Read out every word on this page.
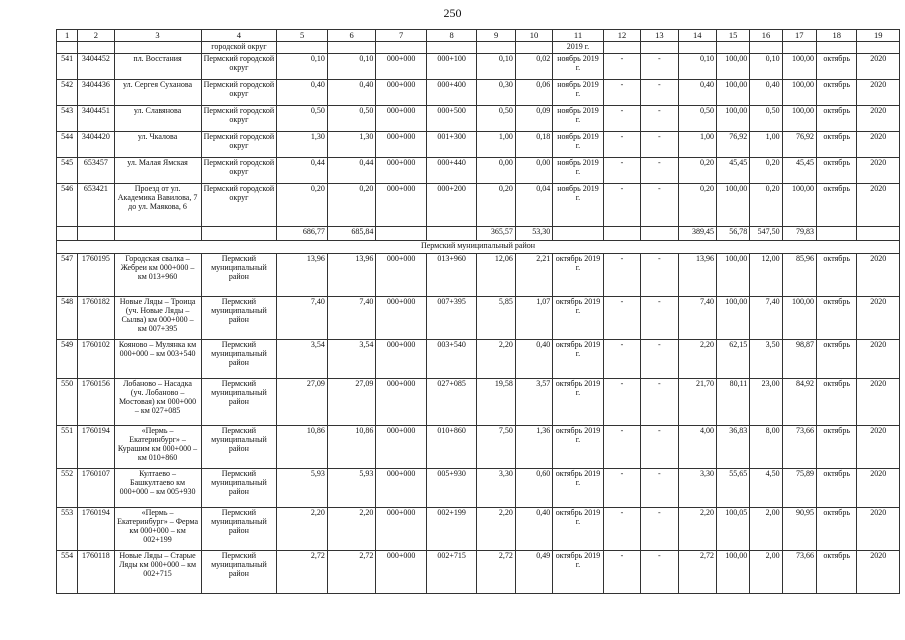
250
1	2	3	4	5	6	7	8	9	10	11	12	13	14	15	16	17	18	19
			городской округ							2019 г.								
541	3404452	пл. Восстания	Пермский городской округ	0,10	0,10	000+000	000+100	0,10	0,02	ноябрь 2019 г.	-	-	0,10	100,00	0,10	100,00	октябрь	2020
542	3404436	ул. Сергея Суханова	Пермский городской округ	0,40	0,40	000+000	000+400	0,30	0,06	ноябрь 2019 г.	-	-	0,40	100,00	0,40	100,00	октябрь	2020
543	3404451	ул. Славянова	Пермский городской округ	0,50	0,50	000+000	000+500	0,50	0,09	ноябрь 2019 г.	-	-	0,50	100,00	0,50	100,00	октябрь	2020
544	3404420	ул. Чкалова	Пермский городской округ	1,30	1,30	000+000	001+300	1,00	0,18	ноябрь 2019 г.	-	-	1,00	76,92	1,00	76,92	октябрь	2020
545	653457	ул. Малая Ямская	Пермский городской округ	0,44	0,44	000+000	000+440	0,00	0,00	ноябрь 2019 г.	-	-	0,20	45,45	0,20	45,45	октябрь	2020
546	653421	Проезд от ул. Академика Вавилова, 7 до ул. Маякова, 6	Пермский городской округ	0,20	0,20	000+000	000+200	0,20	0,04	ноябрь 2019 г.	-	-	0,20	100,00	0,20	100,00	октябрь	2020
				686,77	685,84			365,57	53,30				389,45	56,78	547,50	79,83		
Пермский муниципальный район																		
547	1760195	Городская свалка – Жебреи км 000+000 – км 013+960	Пермский муниципальный район	13,96	13,96	000+000	013+960	12,06	2,21	октябрь 2019 г.	-	-	13,96	100,00	12,00	85,96	октябрь	2020
548	1760182	Новые Ляды – Троица (уч. Новые Ляды – Сылва) км 000+000 – км 007+395	Пермский муниципальный район	7,40	7,40	000+000	007+395	5,85	1,07	октябрь 2019 г.	-	-	7,40	100,00	7,40	100,00	октябрь	2020
549	1760102	Кояново – Мулянка км 000+000 – км 003+540	Пермский муниципальный район	3,54	3,54	000+000	003+540	2,20	0,40	октябрь 2019 г.	-	-	2,20	62,15	3,50	98,87	октябрь	2020
550	1760156	Лобаново – Насадка (уч. Лобаново – Мостовая) км 000+000 – км 027+085	Пермский муниципальный район	27,09	27,09	000+000	027+085	19,58	3,57	октябрь 2019 г.	-	-	21,70	80,11	23,00	84,92	октябрь	2020
551	1760194	«Пермь – Екатеринбург» – Курашим км 000+000 – км 010+860	Пермский муниципальный район	10,86	10,86	000+000	010+860	7,50	1,36	октябрь 2019 г.	-	-	4,00	36,83	8,00	73,66	октябрь	2020
552	1760107	Култаево – Башкултаево км 000+000 – км 005+930	Пермский муниципальный район	5,93	5,93	000+000	005+930	3,30	0,60	октябрь 2019 г.	-	-	3,30	55,65	4,50	75,89	октябрь	2020
553	1760194	«Пермь – Екатеринбург» – Ферма км 000+000 – км 002+199	Пермский муниципальный район	2,20	2,20	000+000	002+199	2,20	0,40	октябрь 2019 г.	-	-	2,20	100,05	2,00	90,95	октябрь	2020
554	1760118	Новые Ляды – Старые Ляды км 000+000 – км 002+715	Пермский муниципальный район	2,72	2,72	000+000	002+715	2,72	0,49	октябрь 2019 г.	-	-	2,72	100,00	2,00	73,66	октябрь	2020
